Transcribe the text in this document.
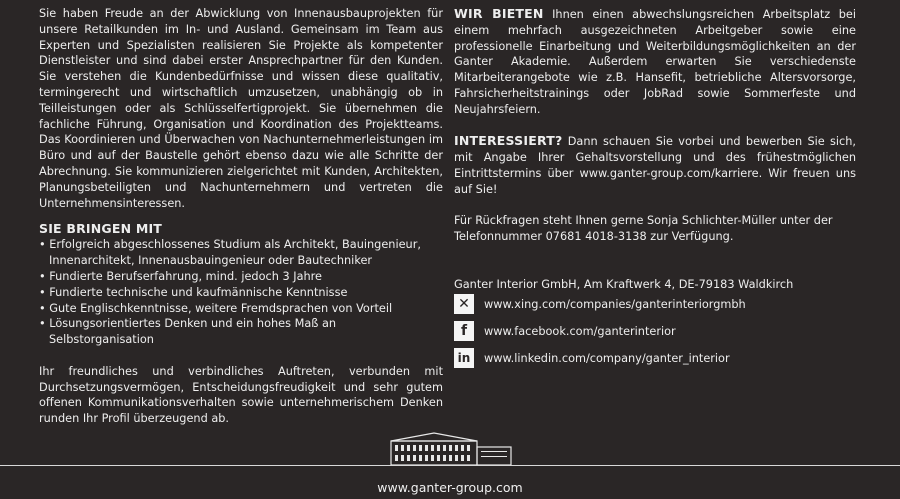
Sie haben Freude an der Abwicklung von Innenausbauprojekten für unsere Retailkunden im In- und Ausland. Gemeinsam im Team aus Experten und Spezialisten realisieren Sie Projekte als kompetenter Dienstleister und sind dabei erster Ansprechpartner für den Kunden. Sie verstehen die Kundenbedürfnisse und wissen diese qualitativ, termingerecht und wirtschaftlich umzusetzen, unabhängig ob in Teilleistungen oder als Schlüsselfertigprojekt. Sie übernehmen die fachliche Führung, Organisation und Koordination des Projektteams. Das Koordinieren und Überwachen von Nachunternehmerleistungen im Büro und auf der Baustelle gehört ebenso dazu wie alle Schritte der Abrechnung. Sie kommunizieren zielgerichtet mit Kunden, Architekten, Planungsbeteiligten und Nachunternehmern und vertreten die Unternehmensinteressen.

SIE BRINGEN MIT
• Erfolgreich abgeschlossenes Studium als Architekt, Bauingenieur, Innenarchitekt, Innenausbauingenieur oder Bautechniker
• Fundierte Berufserfahrung, mind. jedoch 3 Jahre
• Fundierte technische und kaufmännische Kenntnisse
• Gute Englischkenntnisse, weitere Fremdsprachen von Vorteil
• Lösungsorientiertes Denken und ein hohes Maß an Selbstorganisation

Ihr freundliches und verbindliches Auftreten, verbunden mit Durchsetzungsvermögen, Entscheidungsfreudigkeit und sehr gutem offenen Kommunikationsverhalten sowie unternehmerischem Denken runden Ihr Profil überzeugend ab.

WIR BIETEN Ihnen einen abwechslungsreichen Arbeitsplatz bei einem mehrfach ausgezeichneten Arbeitgeber sowie eine professionelle Einarbeitung und Weiterbildungsmöglichkeiten an der Ganter Akademie. Außerdem erwarten Sie verschiedenste Mitarbeiterangebote wie z.B. Hansefit, betriebliche Altersvorsorge, Fahrsicherheitstrainings oder JobRad sowie Sommerfeste und Neujahrsfeiern.

INTERESSIERT? Dann schauen Sie vorbei und bewerben Sie sich, mit Angabe Ihrer Gehaltsvorstellung und des frühestmöglichen Eintrittstermins über www.ganter-group.com/karriere. Wir freuen uns auf Sie!

Für Rückfragen steht Ihnen gerne Sonja Schlichter-Müller unter der Telefonnummer 07681 4018-3138 zur Verfügung.

Ganter Interior GmbH, Am Kraftwerk 4, DE-79183 Waldkirch

✕	www.xing.com/companies/ganterinteriorgmbh
f	www.facebook.com/ganterinterior
in	www.linkedin.com/company/ganter_interior
www.ganter-group.com
